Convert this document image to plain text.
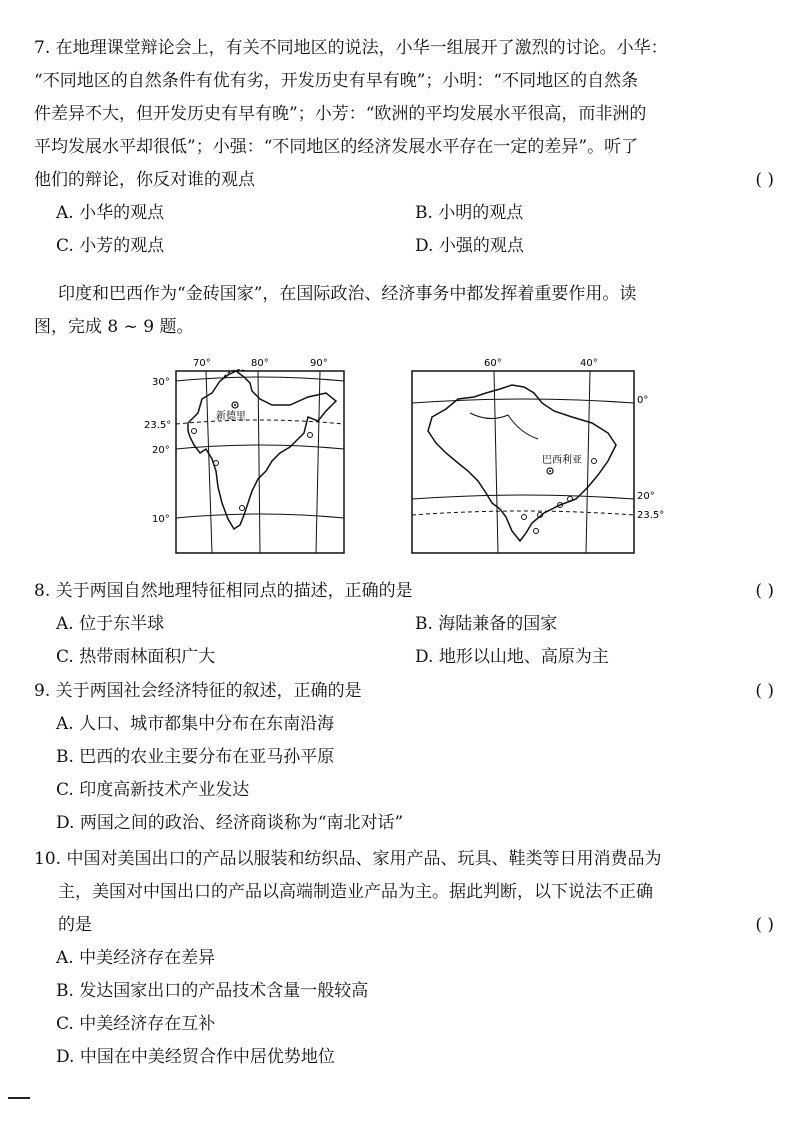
7. 在地理课堂辩论会上，有关不同地区的说法，小华一组展开了激烈的讨论。小华：
“不同地区的自然条件有优有劣，开发历史有早有晚”；小明：“不同地区的自然条
件差异不大，但开发历史有早有晚”；小芳：“欧洲的平均发展水平很高，而非洲的
平均发展水平却很低”；小强：“不同地区的经济发展水平存在一定的差异”。听了
他们的辩论，你反对谁的观点	( )
A. 小华的观点	B. 小明的观点
C. 小芳的观点	D. 小强的观点
印度和巴西作为“金砖国家”，在国际政治、经济事务中都发挥着重要作用。读
图，完成 8 ~ 9 题。
70°	80°	90°
30°
23.5°
20°
10°
新德里
60°	40°
0°
20°
23.5°
巴西利亚
8. 关于两国自然地理特征相同点的描述，正确的是	( )
A. 位于东半球	B. 海陆兼备的国家
C. 热带雨林面积广大	D. 地形以山地、高原为主
9. 关于两国社会经济特征的叙述，正确的是	( )
A. 人口、城市都集中分布在东南沿海
B. 巴西的农业主要分布在亚马孙平原
C. 印度高新技术产业发达
D. 两国之间的政治、经济商谈称为“南北对话”
10. 中国对美国出口的产品以服装和纺织品、家用产品、玩具、鞋类等日用消费品为
主，美国对中国出口的产品以高端制造业产品为主。据此判断，以下说法不正确
的是	( )
A. 中美经济存在差异
B. 发达国家出口的产品技术含量一般较高
C. 中美经济存在互补
D. 中国在中美经贸合作中居优势地位
